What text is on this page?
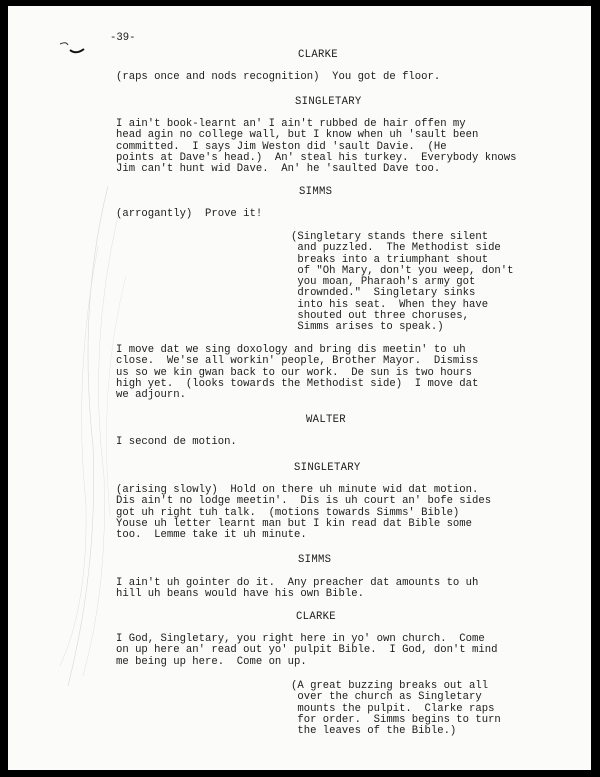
-39-
CLARKE
(raps once and nods recognition)  You got de floor.
SINGLETARY
I ain't book-learnt an' I ain't rubbed de hair offen my
head agin no college wall, but I know when uh 'sault been
committed.  I says Jim Weston did 'sault Davie.  (He
points at Dave's head.)  An' steal his turkey.  Everybody knows
Jim can't hunt wid Dave.  An' he 'saulted Dave too.
SIMMS
(arrogantly)  Prove it!
(Singletary stands there silent
and puzzled.  The Methodist side
breaks into a triumphant shout
of "Oh Mary, don't you weep, don't
you moan, Pharaoh's army got
drownded."  Singletary sinks
into his seat.  When they have
shouted out three choruses,
Simms arises to speak.)
I move dat we sing doxology and bring dis meetin' to uh
close.  We'se all workin' people, Brother Mayor.  Dismiss
us so we kin gwan back to our work.  De sun is two hours
high yet.  (looks towards the Methodist side)  I move dat
we adjourn.
WALTER
I second de motion.
SINGLETARY
(arising slowly)  Hold on there uh minute wid dat motion.
Dis ain't no lodge meetin'.  Dis is uh court an' bofe sides
got uh right tuh talk.  (motions towards Simms' Bible)
Youse uh letter learnt man but I kin read dat Bible some
too.  Lemme take it uh minute.
SIMMS
I ain't uh gointer do it.  Any preacher dat amounts to uh
hill uh beans would have his own Bible.
CLARKE
I God, Singletary, you right here in yo' own church.  Come
on up here an' read out yo' pulpit Bible.  I God, don't mind
me being up here.  Come on up.
(A great buzzing breaks out all
over the church as Singletary
mounts the pulpit.  Clarke raps
for order.  Simms begins to turn
the leaves of the Bible.)
